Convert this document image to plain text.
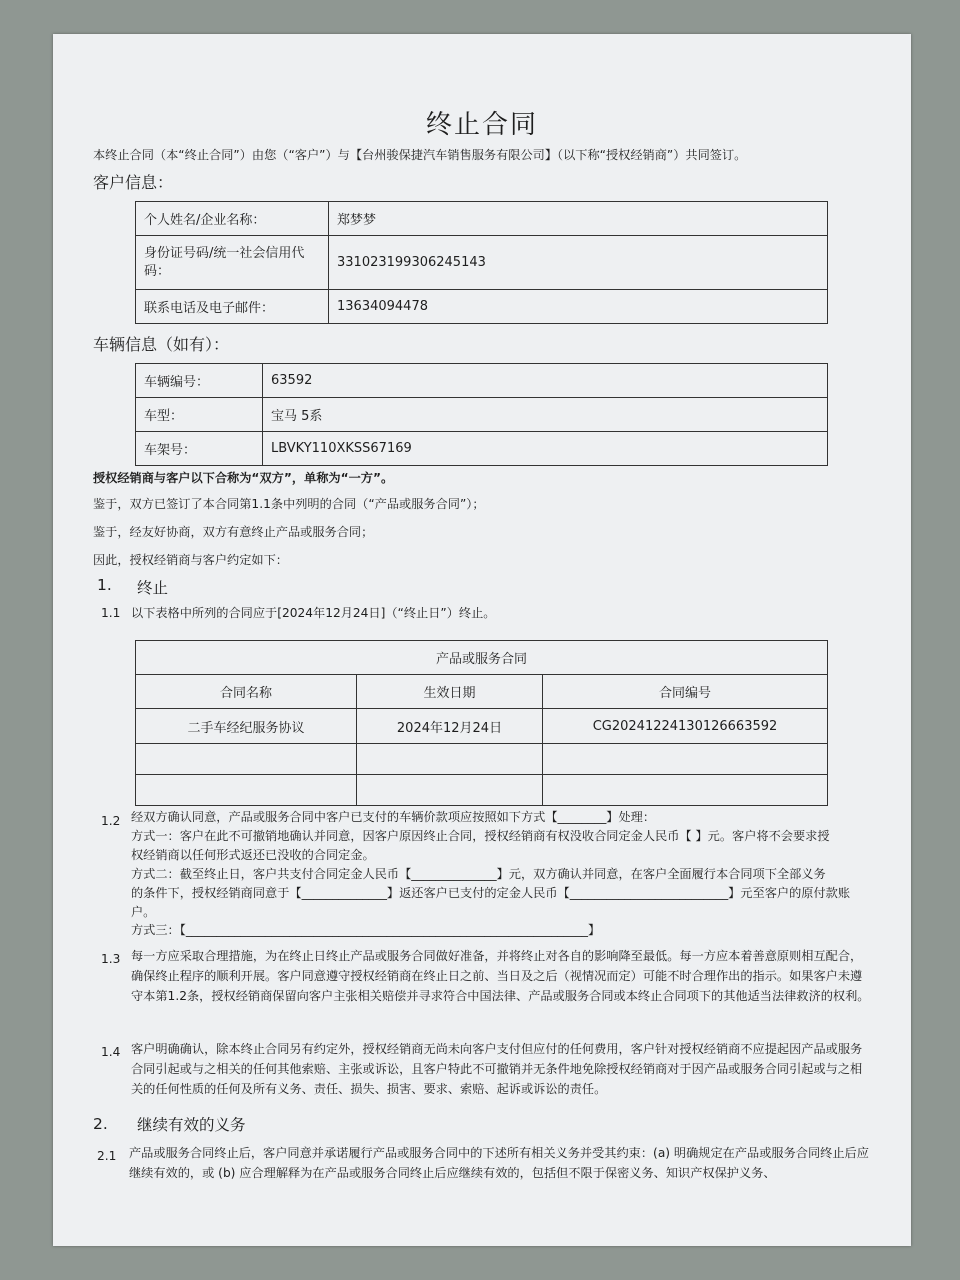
终止合同
本终止合同（本“终止合同”）由您（“客户”）与【台州骏保捷汽车销售服务有限公司】（以下称“授权经销商”）共同签订。
客户信息：
个人姓名/企业名称：	郑梦梦
身份证号码/统一社会信用代码：	331023199306245143
联系电话及电子邮件：	13634094478
车辆信息（如有）：
车辆编号：	63592
车型：	宝马 5系
车架号：	LBVKY110XKSS67169
授权经销商与客户以下合称为“双方”，单称为“一方”。
鉴于，双方已签订了本合同第1.1条中列明的合同（“产品或服务合同”）；
鉴于，经友好协商，双方有意终止产品或服务合同；
因此，授权经销商与客户约定如下：
1. 终止
1.1 以下表格中所列的合同应于[2024年12月24日]（“终止日”）终止。
产品或服务合同		
合同名称	生效日期	合同编号
二手车经纪服务协议	2024年12月24日	CG20241224130126663592

1.2 经双方确认同意，产品或服务合同中客户已支付的车辆价款项应按照如下方式【________】处理：
方式一：客户在此不可撤销地确认并同意，因客户原因终止合同，授权经销商有权没收合同定金人民币【 】元。客户将不会要求授
权经销商以任何形式返还已没收的合同定金。
方式二：截至终止日，客户共支付合同定金人民币【______________】元，双方确认并同意，在客户全面履行本合同项下全部义务
的条件下，授权经销商同意于【______________】返还客户已支付的定金人民币【__________________________】元至客户的原付款账
户。
方式三：【__________________________________________________________________】
1.3 每一方应采取合理措施，为在终止日终止产品或服务合同做好准备，并将终止对各自的影响降至最低。每一方应本着善意原则相互配合，确保终止程序的顺利开展。客户同意遵守授权经销商在终止日之前、当日及之后（视情况而定）可能不时合理作出的指示。如果客户未遵守本第1.2条，授权经销商保留向客户主张相关赔偿并寻求符合中国法律、产品或服务合同或本终止合同项下的其他适当法律救济的权利。
1.4 客户明确确认，除本终止合同另有约定外，授权经销商无尚未向客户支付但应付的任何费用，客户针对授权经销商不应提起因产品或服务合同引起或与之相关的任何其他索赔、主张或诉讼，且客户特此不可撤销并无条件地免除授权经销商对于因产品或服务合同引起或与之相关的任何性质的任何及所有义务、责任、损失、损害、要求、索赔、起诉或诉讼的责任。
2. 继续有效的义务
2.1 产品或服务合同终止后，客户同意并承诺履行产品或服务合同中的下述所有相关义务并受其约束：(a) 明确规定在产品或服务合同终止后应继续有效的，或 (b) 应合理解释为在产品或服务合同终止后应继续有效的，包括但不限于保密义务、知识产权保护义务、
